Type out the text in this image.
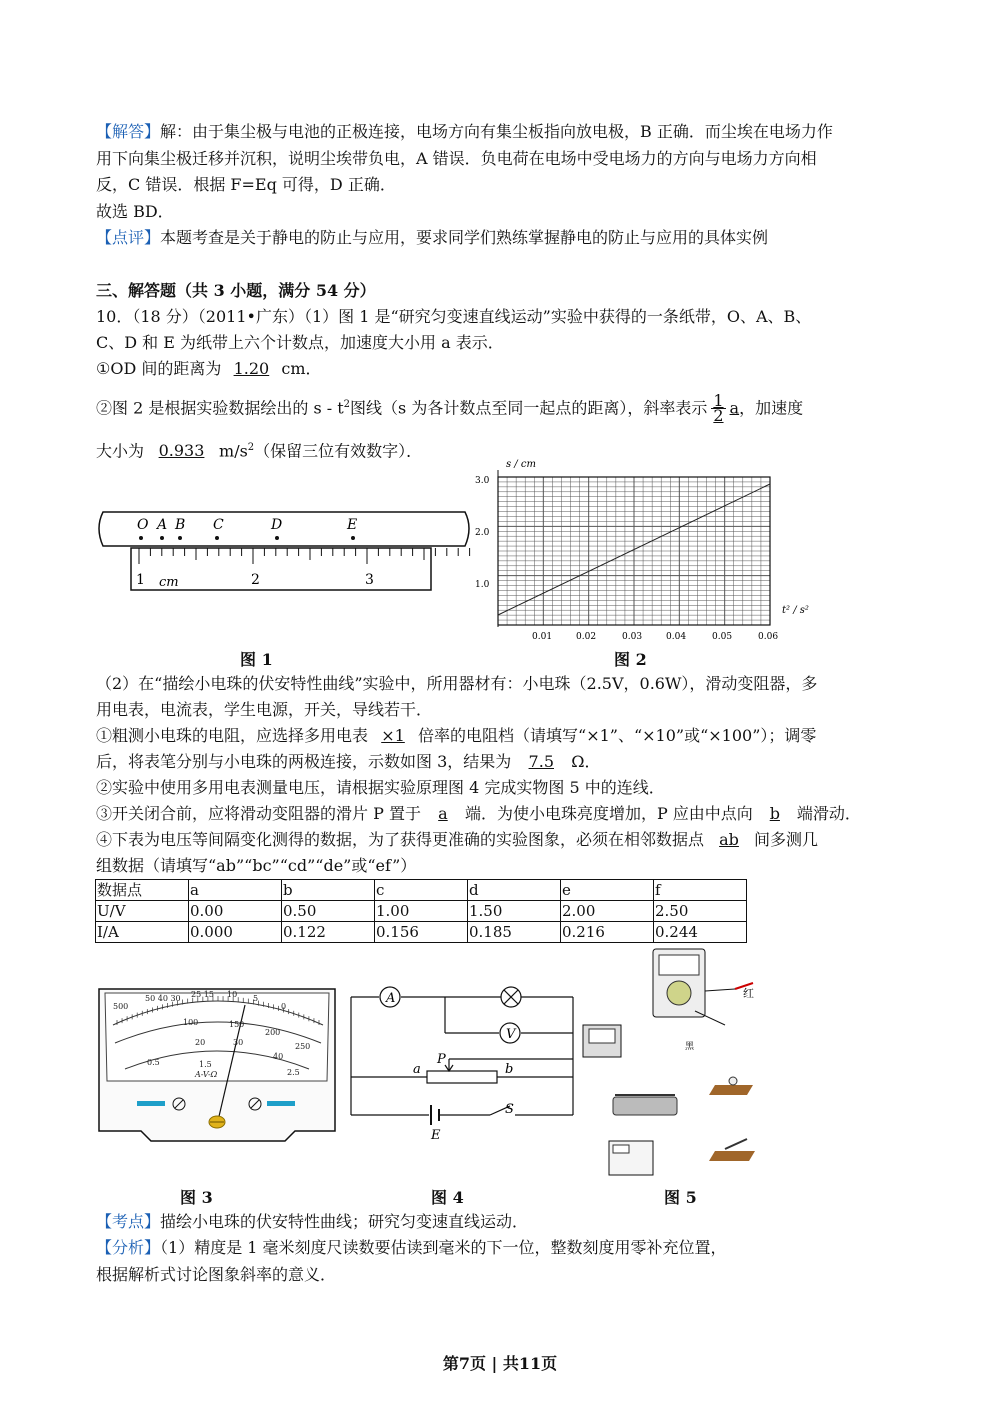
【解答】解：由于集尘极与电池的正极连接，电场方向有集尘板指向放电极，B 正确．而尘埃在电场力作
用下向集尘极迁移并沉积，说明尘埃带负电，A 错误．负电荷在电场中受电场力的方向与电场力方向相
反，C 错误．根据 F=Eq 可得，D 正确．
故选 BD．
【点评】本题考查是关于静电的防止与应用，要求同学们熟练掌握静电的防止与应用的具体实例
三、解答题（共 3 小题，满分 54 分）
10．（18 分）（2011•广东）（1）图 1 是“研究匀变速直线运动”实验中获得的一条纸带，O、A、B、
C、D 和 E 为纸带上六个计数点，加速度大小用 a 表示．
①OD 间的距离为 1.20 cm．
②图 2 是根据实验数据绘出的 s - $t^2$图线（s 为各计数点至同一起点的距离），斜率表示 $\frac{1}{2}$ a，加速度
大小为 0.933 $m/s^2$（保留三位有效数字）．
O A B C	D	E
1	2	3
cm
s / cm
t² / s²
3.0
2.0
1.0
0.01	0.02	0.03	0.04	0.05	0.06
图 1	图 2
（2）在“描绘小电珠的伏安特性曲线”实验中，所用器材有：小电珠（2.5V，0.6W），滑动变阻器，多
用电表，电流表，学生电源，开关，导线若干．
①粗测小电珠的电阻，应选择多用电表 ×1 倍率的电阻档（请填写“×1”、“×10”或“×100”）；调零
后，将表笔分别与小电珠的两极连接，示数如图 3，结果为 7.5 Ω．
②实验中使用多用电表测量电压，请根据实验原理图 4 完成实物图 5 中的连线．
③开关闭合前，应将滑动变阻器的滑片 P 置于 a 端．为使小电珠亮度增加，P 应由中点向 b 端滑动．
④下表为电压等间隔变化测得的数据，为了获得更准确的实验图象，必须在相邻数据点 ab 间多测几
组数据（请填写“ab”“bc”“cd”“de”或“ef”）
数据点	a	b	c	d	e	f
U/V	0.00	0.50	1.00	1.50	2.00	2.50
I/A	0.000	0.122	0.156	0.185	0.216	0.244
500
50 40 30 25 15 10 5
0
100	150
200
250
20	30
40
0.5	1.5
2.5
A-V-Ω
A
V
a	b
P
S
E
红
黑
图 3	图 4	图 5
【考点】描绘小电珠的伏安特性曲线；研究匀变速直线运动．
【分析】（1）精度是 1 毫米刻度尺读数要估读到毫米的下一位，整数刻度用零补充位置，
根据解析式讨论图象斜率的意义．
第7页 | 共11页
